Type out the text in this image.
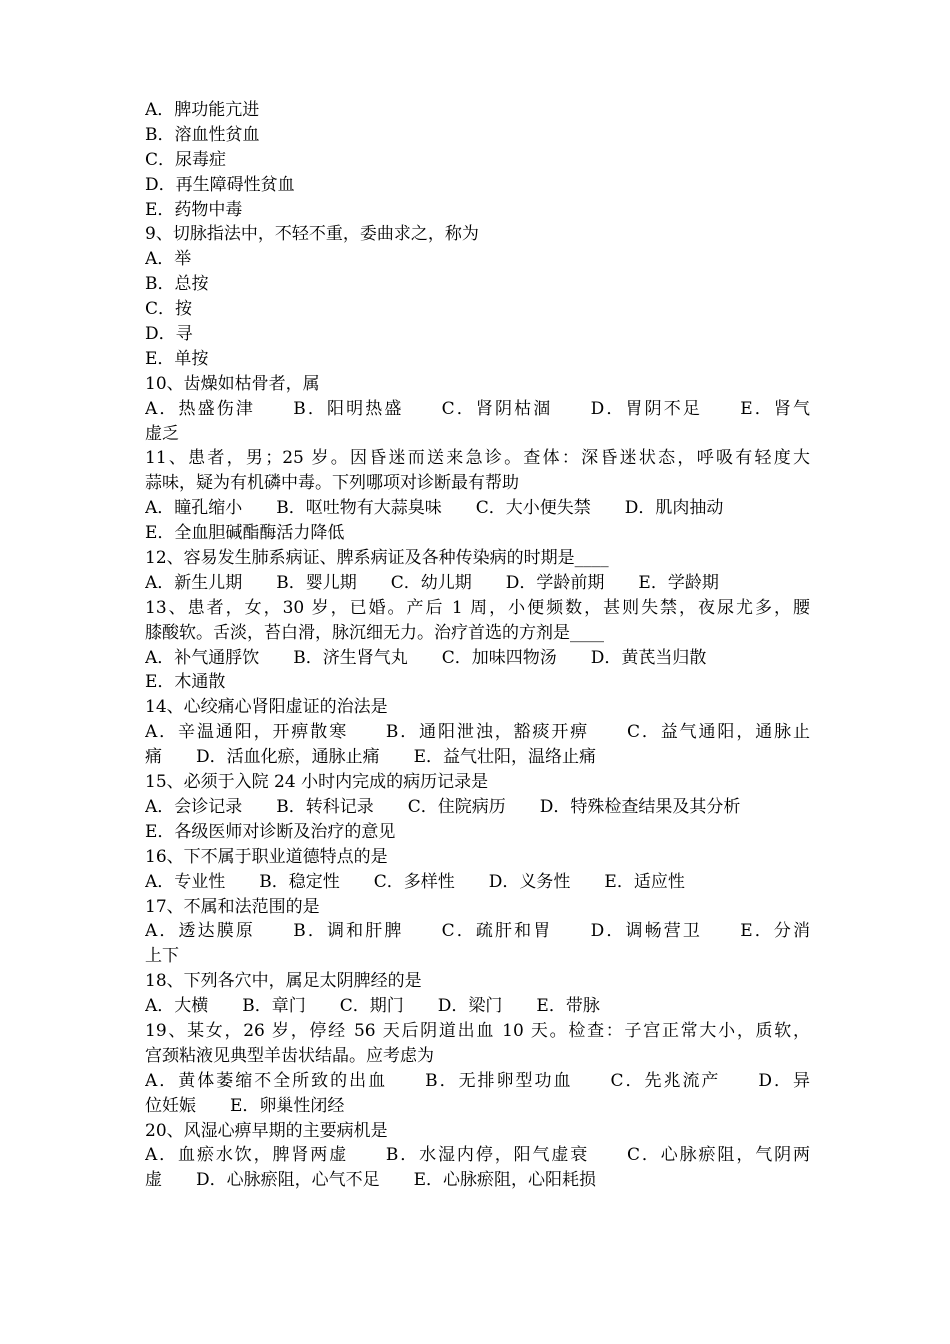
A．脾功能亢进
B．溶血性贫血
C．尿毒症
D．再生障碍性贫血
E．药物中毒
9、切脉指法中，不轻不重，委曲求之，称为
A．举
B．总按
C．按
D．寻
E．单按
10、齿燥如枯骨者，属
A．热盛伤津　　B．阳明热盛　　C．肾阴枯涸　　D．胃阴不足　　E．肾气
虚乏
11、患者，男；25 岁。因昏迷而送来急诊。查体：深昏迷状态，呼吸有轻度大
蒜味，疑为有机磷中毒。下列哪项对诊断最有帮助
A．瞳孔缩小　　B．呕吐物有大蒜臭味　　C．大小便失禁　　D．肌肉抽动
E．全血胆碱酯酶活力降低
12、容易发生肺系病证、脾系病证及各种传染病的时期是____
A．新生儿期　　B．婴儿期　　C．幼儿期　　D．学龄前期　　E．学龄期
13、患者，女，30 岁，已婚。产后 1 周，小便频数，甚则失禁，夜尿尤多，腰
膝酸软。舌淡，苔白滑，脉沉细无力。治疗首选的方剂是____
A．补气通脬饮　　B．济生肾气丸　　C．加味四物汤　　D．黄芪当归散
E．木通散
14、心绞痛心肾阳虚证的治法是
A．辛温通阳，开痹散寒　　B．通阳泄浊，豁痰开痹　　C．益气通阳，通脉止
痛　　D．活血化瘀，通脉止痛　　E．益气壮阳，温络止痛
15、必须于入院 24 小时内完成的病历记录是
A．会诊记录　　B．转科记录　　C．住院病历　　D．特殊检查结果及其分析
E．各级医师对诊断及治疗的意见
16、下不属于职业道德特点的是
A．专业性　　B．稳定性　　C．多样性　　D．义务性　　E．适应性
17、不属和法范围的是
A．透达膜原　　B．调和肝脾　　C．疏肝和胃　　D．调畅营卫　　E．分消
上下
18、下列各穴中，属足太阴脾经的是
A．大横　　B．章门　　C．期门　　D．梁门　　E．带脉
19、某女，26 岁，停经 56 天后阴道出血 10 天。检查：子宫正常大小，质软，
宫颈粘液见典型羊齿状结晶。应考虑为
A．黄体萎缩不全所致的出血　　B．无排卵型功血　　C．先兆流产　　D．异
位妊娠　　E．卵巢性闭经
20、风湿心痹早期的主要病机是
A．血瘀水饮，脾肾两虚　　B．水湿内停，阳气虚衰　　C．心脉瘀阻，气阴两
虚　　D．心脉瘀阻，心气不足　　E．心脉瘀阻，心阳耗损
